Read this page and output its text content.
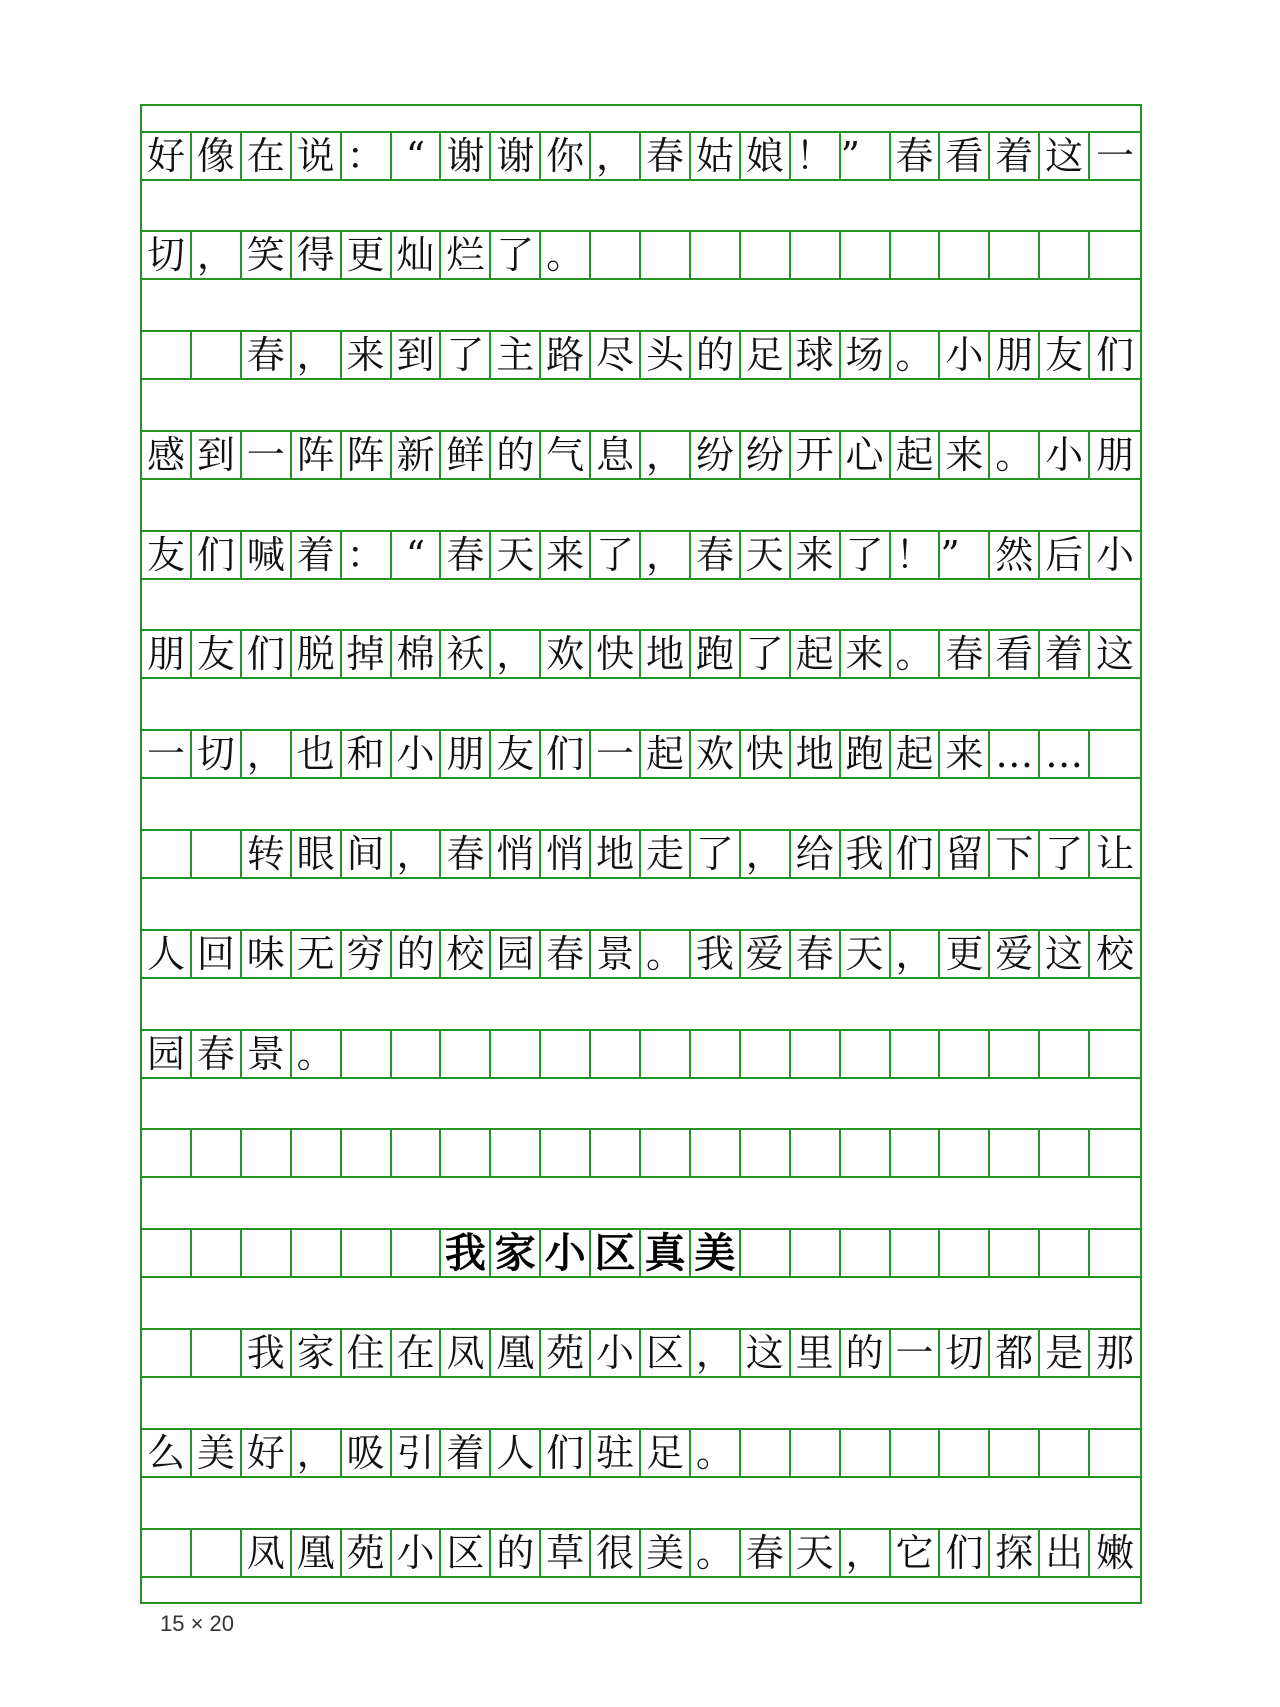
好 像 在 说 ： “ 谢 谢 你 ， 春 姑 娘 ！ ” 春 看 着 这 一
切 ， 笑 得 更 灿 烂 了 。
春 ， 来 到 了 主 路 尽 头 的 足 球 场 。 小 朋 友 们
感 到 一 阵 阵 新 鲜 的 气 息 ， 纷 纷 开 心 起 来 。 小 朋
友 们 喊 着 ： “ 春 天 来 了 ， 春 天 来 了 ！ ” 然 后 小
朋 友 们 脱 掉 棉 袄 ， 欢 快 地 跑 了 起 来 。 春 看 着 这
一 切 ， 也 和 小 朋 友 们 一 起 欢 快 地 跑 起 来 … …
转 眼 间 ， 春 悄 悄 地 走 了 ， 给 我 们 留 下 了 让
人 回 味 无 穷 的 校 园 春 景 。 我 爱 春 天 ， 更 爱 这 校
园 春 景 。
我 家 小 区 真 美
我 家 住 在 凤 凰 苑 小 区 ， 这 里 的 一 切 都 是 那
么 美 好 ， 吸 引 着 人 们 驻 足 。
凤 凰 苑 小 区 的 草 很 美 。 春 天 ， 它 们 探 出 嫩
15 × 20
